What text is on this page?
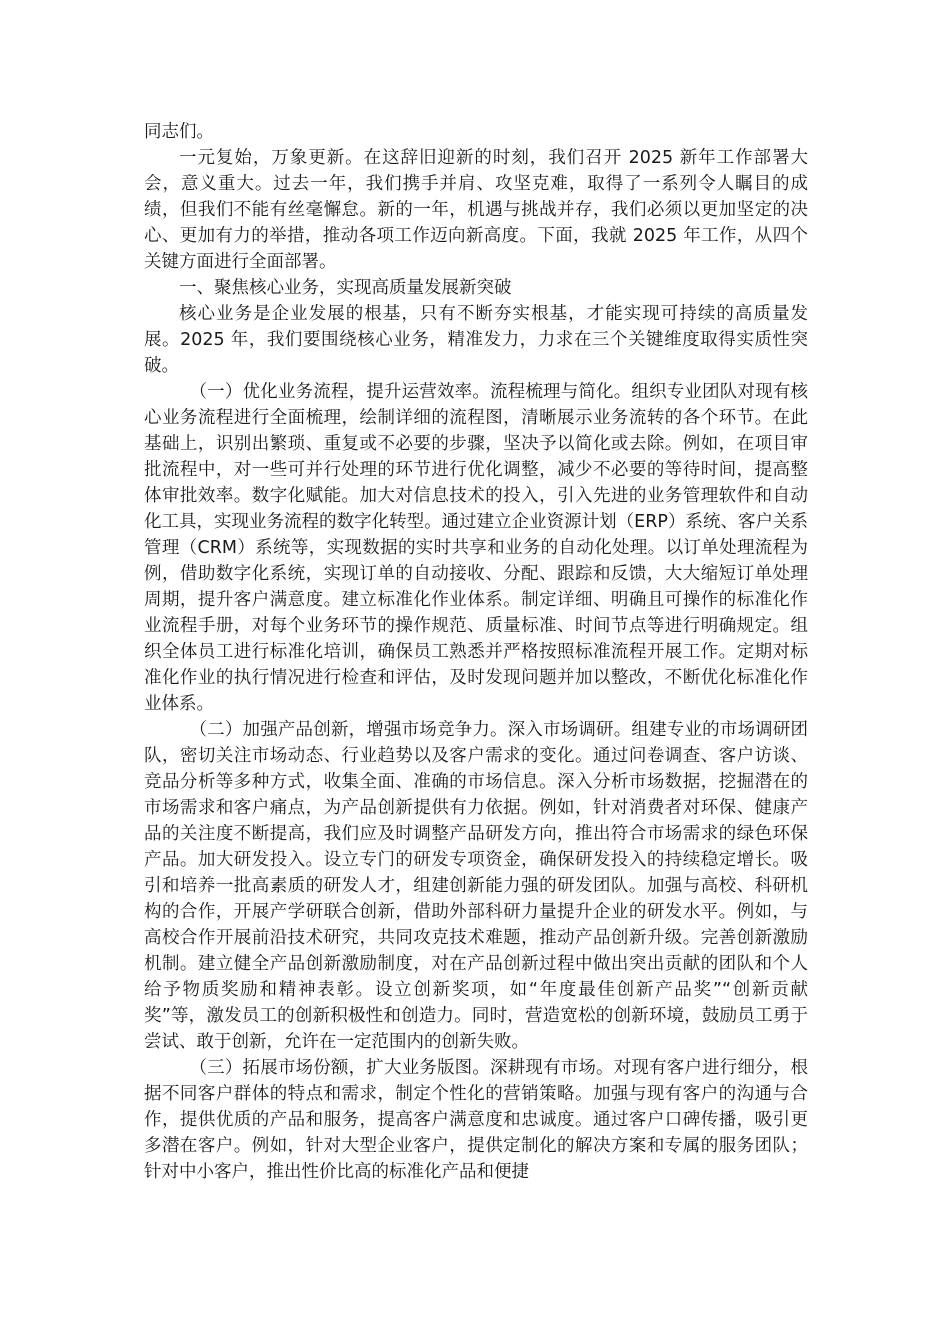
同志们。

一元复始，万象更新。在这辞旧迎新的时刻，我们召开 2025 新年工作部署大会，意义重大。过去一年，我们携手并肩、攻坚克难，取得了一系列令人瞩目的成绩，但我们不能有丝毫懈怠。新的一年，机遇与挑战并存，我们必须以更加坚定的决心、更加有力的举措，推动各项工作迈向新高度。下面，我就 2025 年工作，从四个关键方面进行全面部署。

一、聚焦核心业务，实现高质量发展新突破

核心业务是企业发展的根基，只有不断夯实根基，才能实现可持续的高质量发展。2025 年，我们要围绕核心业务，精准发力，力求在三个关键维度取得实质性突破。

（一）优化业务流程，提升运营效率。流程梳理与简化。组织专业团队对现有核心业务流程进行全面梳理，绘制详细的流程图，清晰展示业务流转的各个环节。在此基础上，识别出繁琐、重复或不必要的步骤，坚决予以简化或去除。例如，在项目审批流程中，对一些可并行处理的环节进行优化调整，减少不必要的等待时间，提高整体审批效率。数字化赋能。加大对信息技术的投入，引入先进的业务管理软件和自动化工具，实现业务流程的数字化转型。通过建立企业资源计划（ERP）系统、客户关系管理（CRM）系统等，实现数据的实时共享和业务的自动化处理。以订单处理流程为例，借助数字化系统，实现订单的自动接收、分配、跟踪和反馈，大大缩短订单处理周期，提升客户满意度。建立标准化作业体系。制定详细、明确且可操作的标准化作业流程手册，对每个业务环节的操作规范、质量标准、时间节点等进行明确规定。组织全体员工进行标准化培训，确保员工熟悉并严格按照标准流程开展工作。定期对标准化作业的执行情况进行检查和评估，及时发现问题并加以整改，不断优化标准化作业体系。

（二）加强产品创新，增强市场竞争力。深入市场调研。组建专业的市场调研团队，密切关注市场动态、行业趋势以及客户需求的变化。通过问卷调查、客户访谈、竞品分析等多种方式，收集全面、准确的市场信息。深入分析市场数据，挖掘潜在的市场需求和客户痛点，为产品创新提供有力依据。例如，针对消费者对环保、健康产品的关注度不断提高，我们应及时调整产品研发方向，推出符合市场需求的绿色环保产品。加大研发投入。设立专门的研发专项资金，确保研发投入的持续稳定增长。吸引和培养一批高素质的研发人才，组建创新能力强的研发团队。加强与高校、科研机构的合作，开展产学研联合创新，借助外部科研力量提升企业的研发水平。例如，与高校合作开展前沿技术研究，共同攻克技术难题，推动产品创新升级。完善创新激励机制。建立健全产品创新激励制度，对在产品创新过程中做出突出贡献的团队和个人给予物质奖励和精神表彰。设立创新奖项，如“年度最佳创新产品奖”“创新贡献奖”等，激发员工的创新积极性和创造力。同时，营造宽松的创新环境，鼓励员工勇于尝试、敢于创新，允许在一定范围内的创新失败。

（三）拓展市场份额，扩大业务版图。深耕现有市场。对现有客户进行细分，根据不同客户群体的特点和需求，制定个性化的营销策略。加强与现有客户的沟通与合作，提供优质的产品和服务，提高客户满意度和忠诚度。通过客户口碑传播，吸引更多潜在客户。例如，针对大型企业客户，提供定制化的解决方案和专属的服务团队；针对中小客户，推出性价比高的标准化产品和便捷
